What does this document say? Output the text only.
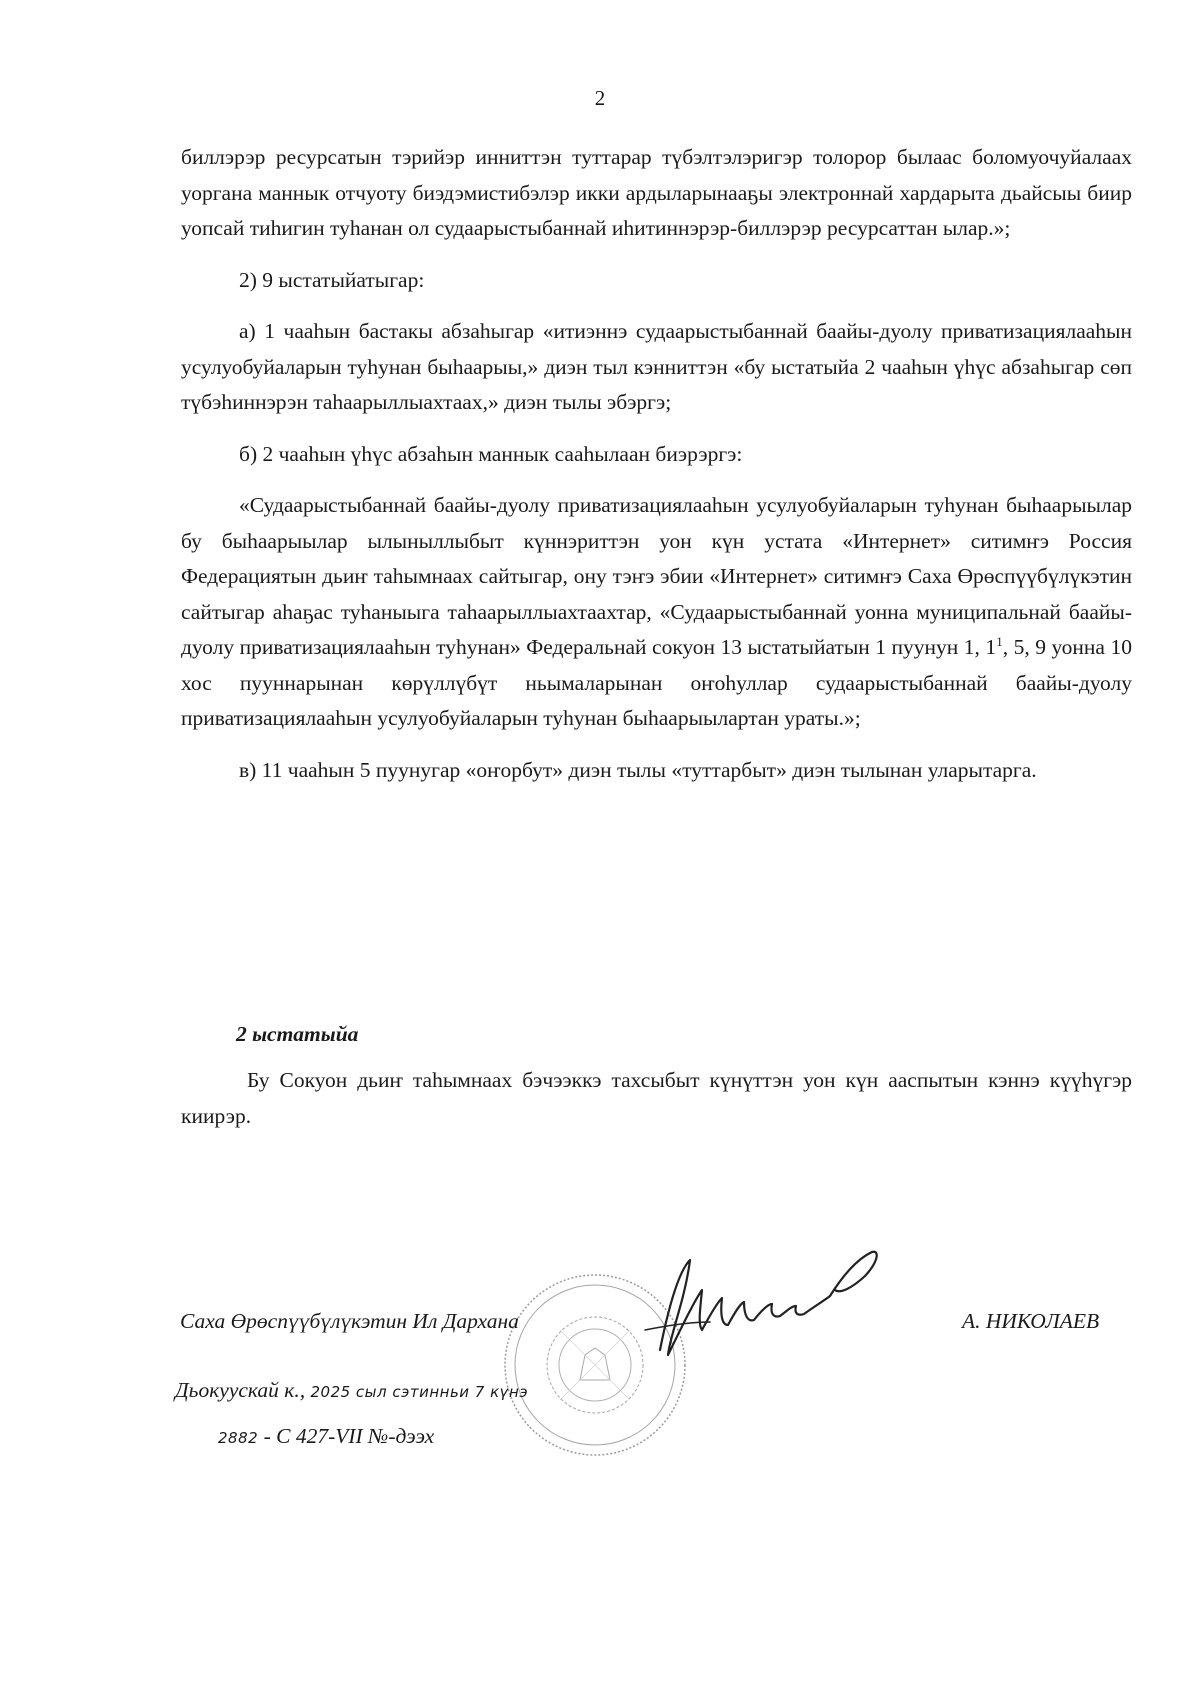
2

биллэрэр ресурсатын тэрийэр инниттэн туттарар түбэлтэлэригэр толорор былаас боломуочуйалаах уоргана маннык отчуоту биэдэмистибэлэр икки ардыларынааҕы электроннай хардарыта дьайсыы биир уопсай тиһигин туһанан ол судаарыстыбаннай иһитиннэрэр-биллэрэр ресурсаттан ылар.»;

2) 9 ыстатыйатыгар:

а) 1 чааһын бастакы абзаһыгар «итиэннэ судаарыстыбаннай баайы-дуолу приватизациялааһын усулуобуйаларын туһунан быһаарыы,» диэн тыл кэнниттэн «бу ыстатыйа 2 чааһын үһүс абзаһыгар сөп түбэһиннэрэн таһаарыллыахтаах,» диэн тылы эбэргэ;

б) 2 чааһын үһүс абзаһын маннык сааһылаан биэрэргэ:

«Судаарыстыбаннай баайы-дуолу приватизациялааһын усулуобуйаларын туһунан быһаарыылар бу быһаарыылар ылыныллыбыт күннэриттэн уон күн устата «Интернет» ситимҥэ Россия Федерациятын дьиҥ таһымнаах сайтыгар, ону тэҥэ эбии «Интернет» ситимҥэ Саха Өрөспүүбүлүкэтин сайтыгар аһаҕас туһаныыга таһаарыллыахтаахтар, «Судаарыстыбаннай уонна муниципальнай баайы-дуолу приватизациялааһын туһунан» Федеральнай сокуон 13 ыстатыйатын 1 пуунун 1, $1^1$, 5, 9 уонна 10 хос пууннарынан көрүллүбүт ньымаларынан оҥоһуллар судаарыстыбаннай баайы-дуолу приватизациялааһын усулуобуйаларын туһунан быһаарыылартан ураты.»;

в) 11 чааһын 5 пуунугар «оҥорбут» диэн тылы «туттарбыт» диэн тылынан уларытарга.

2 ыстатыйа
Бу Сокуон дьиҥ таһымнаах бэчээккэ тахсыбыт күнүттэн уон күн ааспытын кэннэ күүһүгэр киирэр.
Саха Өрөспүүбүлүкэтин Ил Дарханa	А. НИКОЛАЕВ
Дьокуускай к., 2025 сыл сэтинньи 7 күнэ
2882 - С 427-VII №-дээх
